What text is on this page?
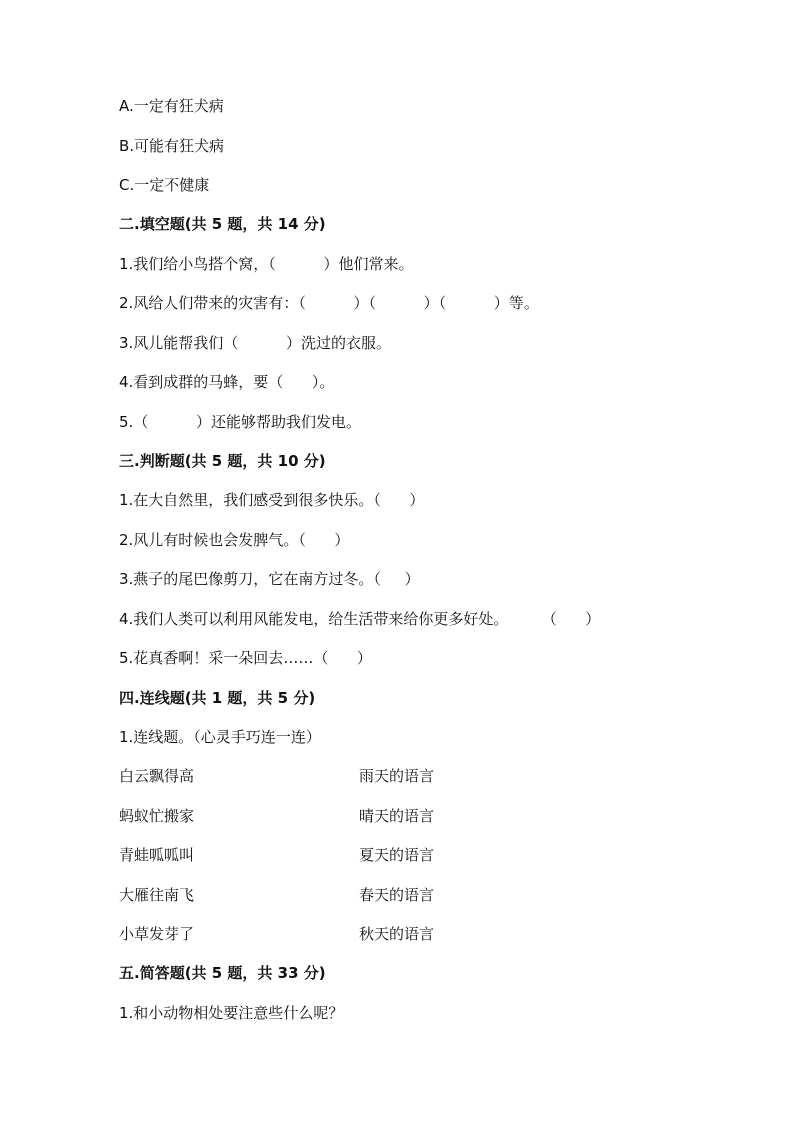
A.一定有狂犬病
B.可能有狂犬病
C.一定不健康
二.填空题(共 5 题，共 14 分)
1.我们给小鸟搭个窝，（          ）他们常来。
2.风给人们带来的灾害有：（          ）（          ）（          ）等。
3.风儿能帮我们（          ）洗过的衣服。
4.看到成群的马蜂，要（      ）。
5.（          ）还能够帮助我们发电。
三.判断题(共 5 题，共 10 分)
1.在大自然里，我们感受到很多快乐。（      ）
2.风儿有时候也会发脾气。（      ）
3.燕子的尾巴像剪刀，它在南方过冬。（     ）
4.我们人类可以利用风能发电，给生活带来给你更多好处。       （      ）
5.花真香啊！采一朵回去……（      ）
四.连线题(共 1 题，共 5 分)
1.连线题。（心灵手巧连一连）
白云飘得高	雨天的语言
蚂蚁忙搬家	晴天的语言
青蛙呱呱叫	夏天的语言
大雁往南飞	春天的语言
小草发芽了	秋天的语言
五.简答题(共 5 题，共 33 分)
1.和小动物相处要注意些什么呢？
